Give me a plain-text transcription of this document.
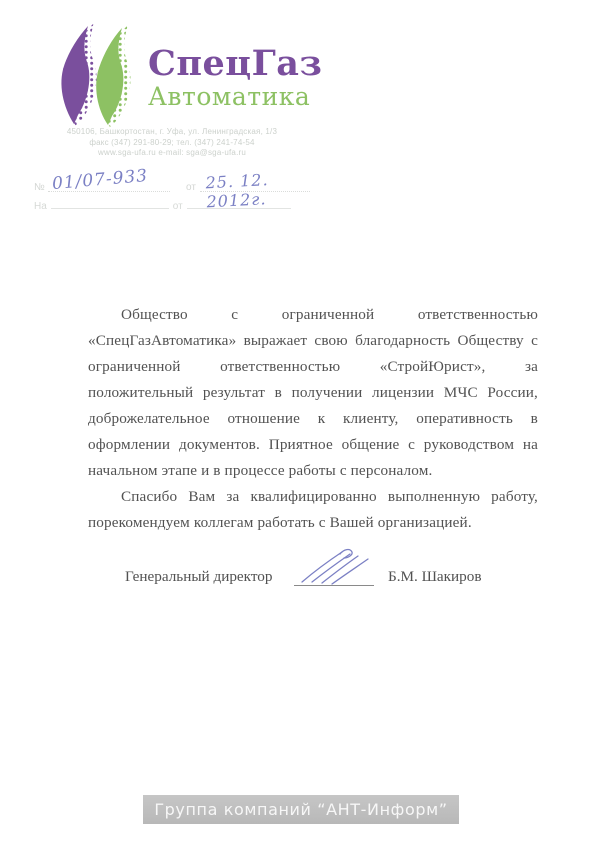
СпецГаз
Автоматика
450106, Башкортостан, г. Уфа, ул. Ленинградская, 1/3
факс (347) 291-80-29; тел. (347) 241-74-54
www.sga-ufa.ru e-mail: sga@sga-ufa.ru
№ 01/07-933	от 25. 12. 2012г.
На	от

Общество с ограниченной ответственностью «СпецГазАвтоматика» выражает свою благодарность Обществу с ограниченной ответственностью «СтройЮрист», за положительный результат в получении лицензии МЧС России, доброжелательное отношение к клиенту, оперативность в оформлении документов. Приятное общение с руководством на начальном этапе и в процессе работы с персоналом.

Спасибо Вам за квалифицированно выполненную работу, порекомендуем коллегам работать с Вашей организацией.

Генеральный директор	Б.М. Шакиров
Группа компаний “АНТ-Информ”
